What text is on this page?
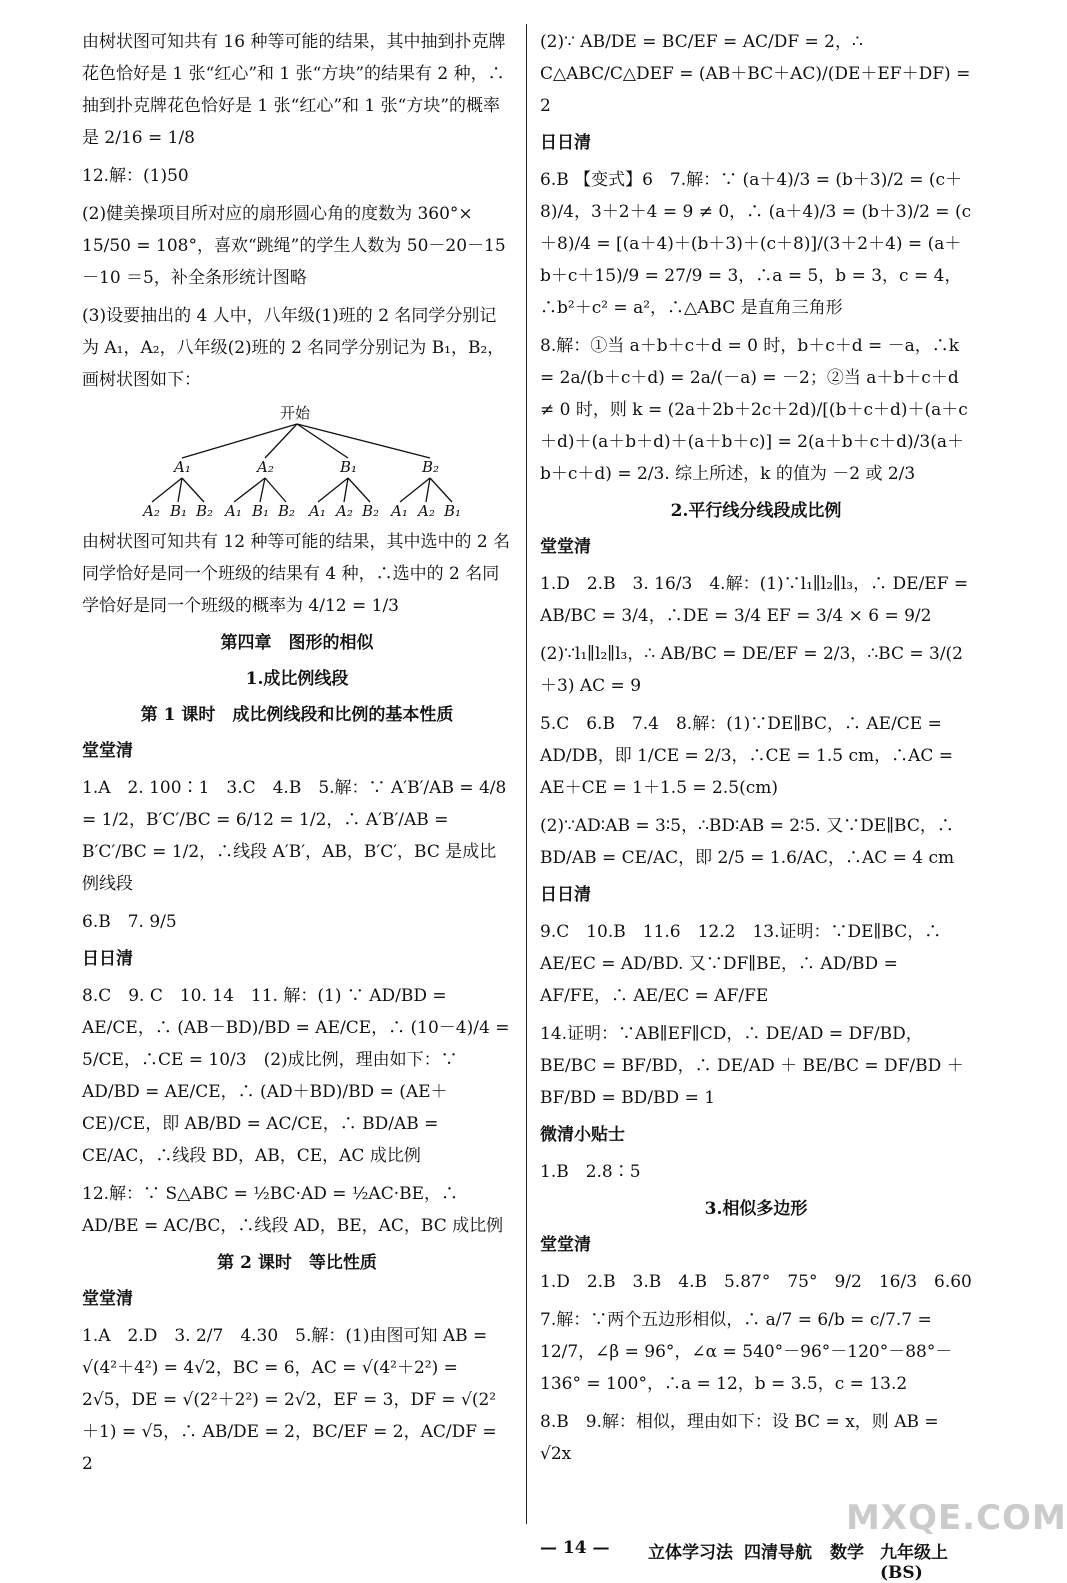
由树状图可知共有 16 种等可能的结果，其中抽到扑克牌花色恰好是 1 张“红心”和 1 张“方块”的结果有 2 种，∴抽到扑克牌花色恰好是 1 张“红心”和 1 张“方块”的概率是 2/16 = 1/8
12.解：(1)50
(2)健美操项目所对应的扇形圆心角的度数为 360°× 15/50 = 108°，喜欢“跳绳”的学生人数为 50－20－15－10 ＝5，补全条形统计图略
(3)设要抽出的 4 人中，八年级(1)班的 2 名同学分别记为 A₁，A₂，八年级(2)班的 2 名同学分别记为 B₁，B₂，画树状图如下：
开始
A₁	A₂	B₁	B₂
A₂ B₁ B₂ A₁ B₁ B₂ A₁ A₂ B₂ A₁ A₂ B₁
由树状图可知共有 12 种等可能的结果，其中选中的 2 名同学恰好是同一个班级的结果有 4 种，∴选中的 2 名同学恰好是同一个班级的概率为 4/12 = 1/3
第四章　图形的相似
1.成比例线段
第 1 课时　成比例线段和比例的基本性质
堂堂清
1.A　2. 100∶1　3.C　4.B　5.解：∵ A′B′/AB = 4/8 = 1/2，B′C′/BC = 6/12 = 1/2，∴ A′B′/AB = B′C′/BC = 1/2，∴线段 A′B′，AB，B′C′，BC 是成比例线段
6.B　7. 9/5
日日清
8.C　9. C　10. 14　11. 解：(1) ∵ AD/BD = AE/CE，∴ (AB－BD)/BD = AE/CE，∴ (10－4)/4 = 5/CE，∴CE = 10/3　(2)成比例，理由如下：∵ AD/BD = AE/CE，∴ (AD＋BD)/BD = (AE＋CE)/CE，即 AB/BD = AC/CE，∴ BD/AB = CE/AC，∴线段 BD，AB，CE，AC 成比例
12.解：∵ S△ABC = ½BC·AD = ½AC·BE，∴ AD/BE = AC/BC，∴线段 AD，BE，AC，BC 成比例
第 2 课时　等比性质
堂堂清
1.A　2.D　3. 2/7　4.30　5.解：(1)由图可知 AB = √(4²＋4²) = 4√2，BC = 6，AC = √(4²＋2²) = 2√5，DE = √(2²＋2²) = 2√2，EF = 3，DF = √(2²＋1) = √5，∴ AB/DE = 2，BC/EF = 2，AC/DF = 2
(2)∵ AB/DE = BC/EF = AC/DF = 2，∴ C△ABC/C△DEF = (AB＋BC＋AC)/(DE＋EF＋DF) = 2
日日清
6.B 【变式】6　7.解：∵ (a＋4)/3 = (b＋3)/2 = (c＋8)/4，3＋2＋4 = 9 ≠ 0，∴ (a＋4)/3 = (b＋3)/2 = (c＋8)/4 = [(a＋4)＋(b＋3)＋(c＋8)]/(3＋2＋4) = (a＋b＋c＋15)/9 = 27/9 = 3，∴a = 5，b = 3，c = 4，∴b²＋c² = a²，∴△ABC 是直角三角形
8.解：①当 a＋b＋c＋d = 0 时，b＋c＋d = －a，∴k = 2a/(b＋c＋d) = 2a/(－a) = －2；②当 a＋b＋c＋d ≠ 0 时，则 k = (2a＋2b＋2c＋2d)/[(b＋c＋d)＋(a＋c＋d)＋(a＋b＋d)＋(a＋b＋c)] = 2(a＋b＋c＋d)/3(a＋b＋c＋d) = 2/3. 综上所述，k 的值为 －2 或 2/3
2.平行线分线段成比例
堂堂清
1.D　2.B　3. 16/3　4.解：(1)∵l₁∥l₂∥l₃，∴ DE/EF = AB/BC = 3/4，∴DE = 3/4 EF = 3/4 × 6 = 9/2
(2)∵l₁∥l₂∥l₃，∴ AB/BC = DE/EF = 2/3，∴BC = 3/(2＋3) AC = 9
5.C　6.B　7.4　8.解：(1)∵DE∥BC，∴ AE/CE = AD/DB，即 1/CE = 2/3，∴CE = 1.5 cm，∴AC = AE＋CE = 1＋1.5 = 2.5(cm)
(2)∵AD∶AB = 3∶5，∴BD∶AB = 2∶5. 又∵DE∥BC，∴ BD/AB = CE/AC，即 2/5 = 1.6/AC，∴AC = 4 cm
日日清
9.C　10.B　11.6　12.2　13.证明：∵DE∥BC，∴ AE/EC = AD/BD. 又∵DF∥BE，∴ AD/BD = AF/FE，∴ AE/EC = AF/FE
14.证明：∵AB∥EF∥CD，∴ DE/AD = DF/BD，BE/BC = BF/BD，∴ DE/AD ＋ BE/BC = DF/BD ＋ BF/BD = BD/BD = 1
微清小贴士
1.B　2.8∶5
3.相似多边形
堂堂清
1.D　2.B　3.B　4.B　5.87°　75°　9/2　16/3　6.60
7.解：∵两个五边形相似，∴ a/7 = 6/b = c/7.7 = 12/7，∠β = 96°，∠α = 540°－96°－120°－88°－136° = 100°，∴a = 12，b = 3.5，c = 13.2
8.B　9.解：相似，理由如下：设 BC = x，则 AB = √2x
MXQE.COM
— 14 — 立体学习法 四清导航 数学 九年级上(BS)
